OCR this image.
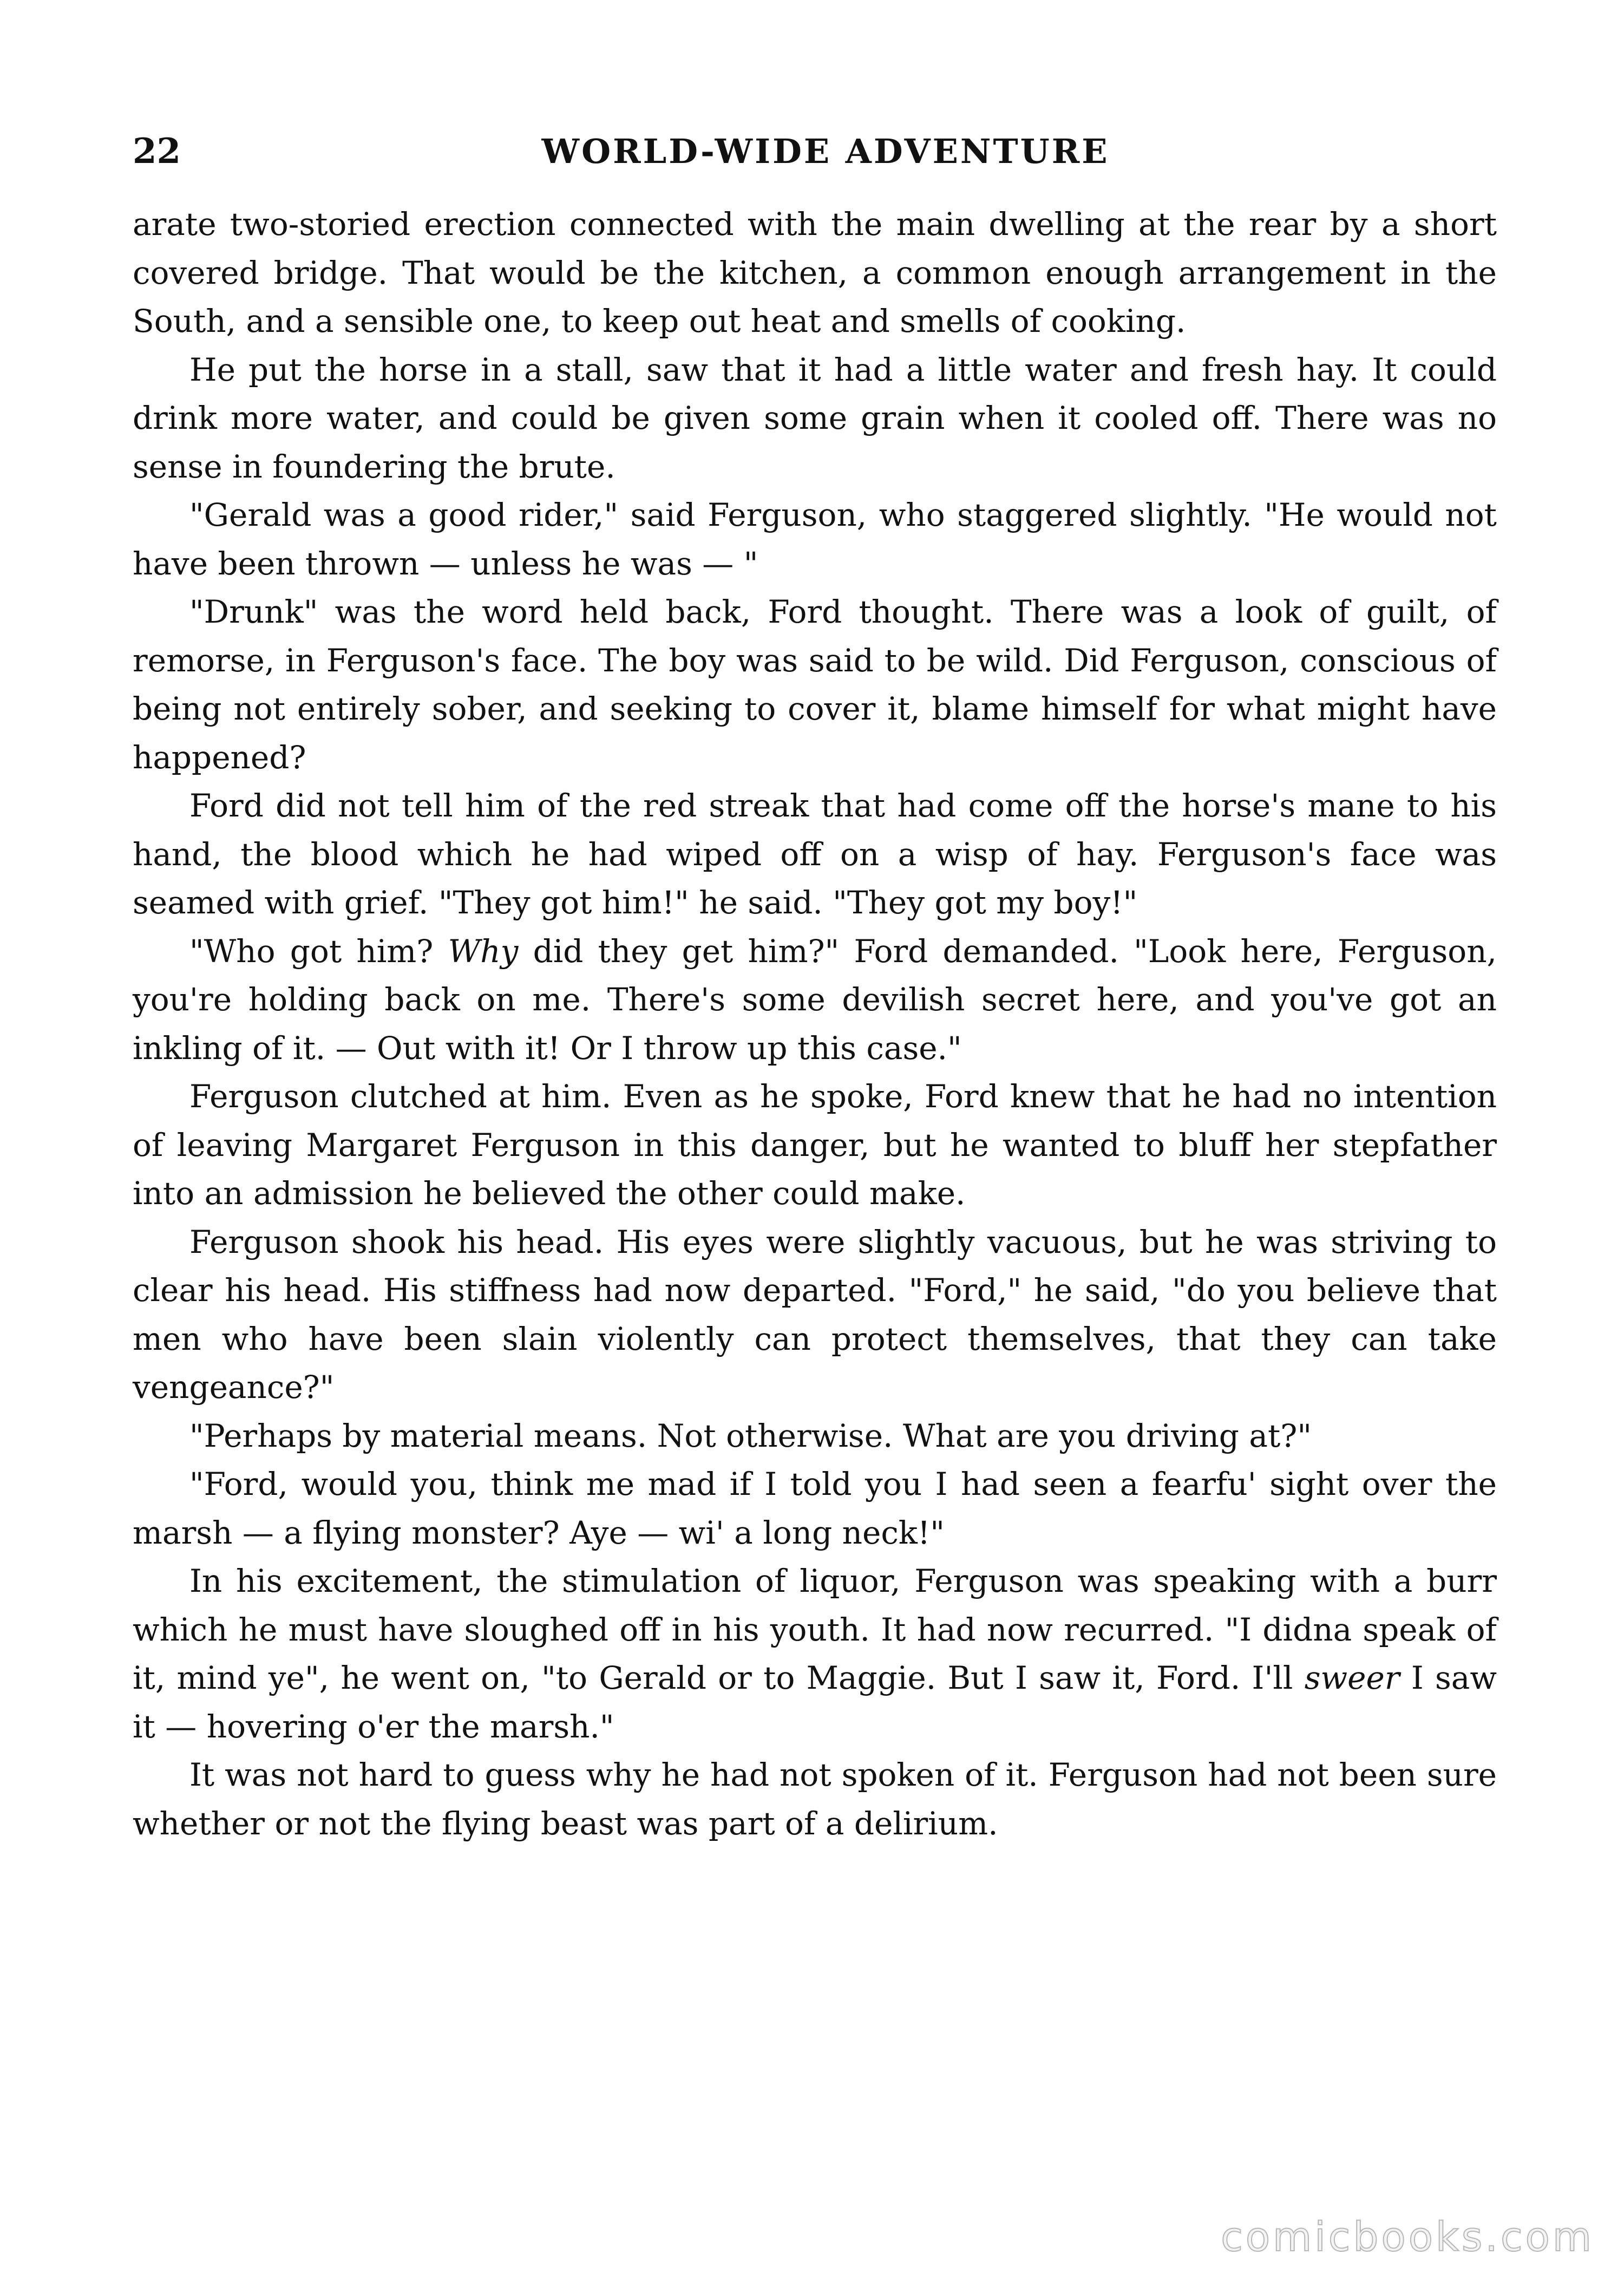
22	WORLD-WIDE ADVENTURE

arate two-storied erection connected with the main dwelling at the rear by a short covered bridge. That would be the kitchen, a common enough arrangement in the South, and a sensible one, to keep out heat and smells of cooking.

He put the horse in a stall, saw that it had a little water and fresh hay. It could drink more water, and could be given some grain when it cooled off. There was no sense in foundering the brute.

"Gerald was a good rider," said Ferguson, who staggered slightly. "He would not have been thrown — unless he was — "

"Drunk" was the word held back, Ford thought. There was a look of guilt, of remorse, in Ferguson's face. The boy was said to be wild. Did Ferguson, conscious of being not entirely sober, and seeking to cover it, blame himself for what might have happened?

Ford did not tell him of the red streak that had come off the horse's mane to his hand, the blood which he had wiped off on a wisp of hay. Ferguson's face was seamed with grief. "They got him!" he said. "They got my boy!"

"Who got him? Why did they get him?" Ford demanded. "Look here, Ferguson, you're holding back on me. There's some devilish secret here, and you've got an inkling of it. — Out with it! Or I throw up this case."

Ferguson clutched at him. Even as he spoke, Ford knew that he had no intention of leaving Margaret Ferguson in this danger, but he wanted to bluff her stepfather into an admission he believed the other could make.

Ferguson shook his head. His eyes were slightly vacuous, but he was striving to clear his head. His stiffness had now departed. "Ford," he said, "do you believe that men who have been slain violently can protect themselves, that they can take vengeance?"

"Perhaps by material means. Not otherwise. What are you driving at?"

"Ford, would you, think me mad if I told you I had seen a fearfu' sight over the marsh — a flying monster? Aye — wi' a long neck!"

In his excitement, the stimulation of liquor, Ferguson was speaking with a burr which he must have sloughed off in his youth. It had now recurred. "I didna speak of it, mind ye", he went on, "to Gerald or to Maggie. But I saw it, Ford. I'll sweer I saw it — hovering o'er the marsh."

It was not hard to guess why he had not spoken of it. Ferguson had not been sure whether or not the flying beast was part of a delirium.

comicbooks.com
